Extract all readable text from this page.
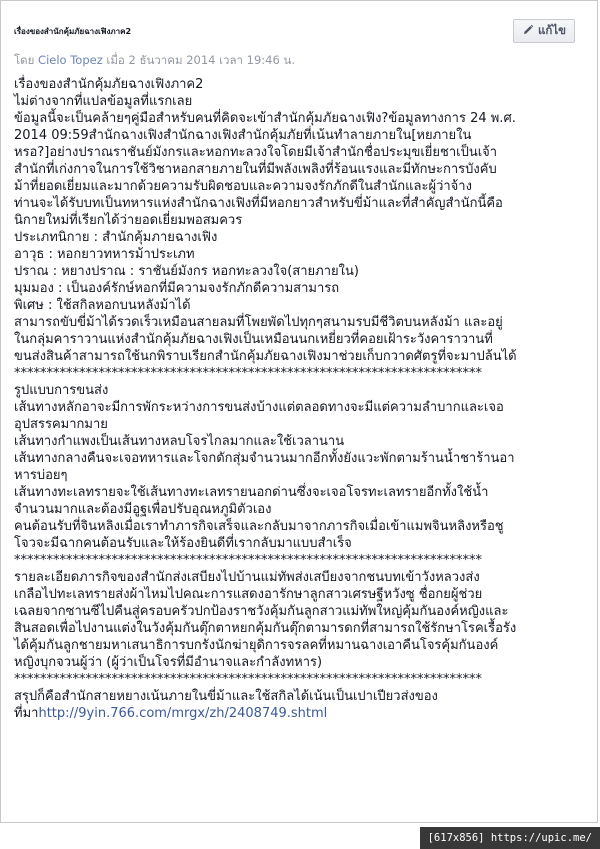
เรื่องของสำนักคุ้มภัยฉางเฟิงภาค2	แก้ไข
โดย Cielo Topez เมื่อ 2 ธันวาคม 2014 เวลา 19:46 น.

เรื่องของสำนักคุ้มภัยฉางเฟิงภาค2

ไม่ต่างจากที่แปลข้อมูลที่แรกเลย

ข้อมูลนี้จะเป็นคล้ายๆคู่มือสำหรับคนที่คิดจะเข้าสำนักคุ้มภัยฉางเฟิง?ข้อมูลทางการ 24 พ.ศ.

2014 09:59สำนักฉางเฟิงสำนักฉางเฟิงสำนักคุ้มภัยที่เน้นทำลายภายใน[หยภายใน

หรอ?]อย่างปราณราชันย์มังกรและหอกทะลวงใจโดยมีเจ้าสำนักชื่อประมุขเยี่ยชาเป็นเจ้า

สำนักที่เก่งกาจในการใช้วิชาหอกสายภายในที่มีพลังเพลิงที่ร้อนแรงและมีทักษะการบังคับ

ม้าที่ยอดเยี่ยมและมากด้วยความรับผิดชอบและความจงรักภักดีในสำนักและผู้ว่าจ้าง

ท่านจะได้รับบทเป็นทหารแห่งสำนักฉางเฟิงที่มีหอกยาวสำหรับขี่ม้าและที่สำคัญสำนักนี้คือ

นิกายใหม่ที่เรียกได้ว่ายอดเยี่ยมพอสมควร

ประเภทนิกาย : สำนักคุ้มภายฉางเฟิง

อาวุธ : หอกยาวทหารม้าประเภท

ปราณ : หยางปราณ : ราชันย์มังกร หอกทะลวงใจ(สายภายใน)

มุมมอง : เป็นองค์รักษ์หอกที่มีความจงรักภักดีความสามารถ

พิเศษ : ใช้สกิลหอกบนหลังม้าได้

สามารถขับขี่ม้าได้รวดเร็วเหมือนสายลมที่โพยพัดไปทุกๆสนามรบมีชีวิตบนหลังม้า และอยู่

ในกลุ่มคาราวานแห่งสำนักคุ้มภัยฉางเฟิงเป็นเหมือนนกเหยี่ยวที่คอยเฝ้าระวังคาราวานที่

ขนส่งสินค้าสามารถใช้นกพิราบเรียกสำนักคุ้มภัยฉางเฟิงมาช่วยเก็บกวาดศัตรูที่จะมาปล้นได้

************************************************************************

รูปแบบการขนส่ง

เส้นทางหลักอาจะมีการพักระหว่างการขนส่งบ้างแต่ตลอดทางจะมีแต่ความลำบากและเจอ

อุปสรรคมากมาย

เส้นทางกำแพงเป็นเส้นทางหลบโจรไกลมากและใช้เวลานาน

เส้นทางกลางคืนจะเจอทหารและโจกดักสุ่มจำนวนมากอีกทั้งยังแวะพักตามร้านน้ำชาร้านอา

หารบ่อยๆ

เส้นทางทะเลทรายจะใช้เส้นทางทะเลทรายนอกด่านซึ่งจะเจอโจรทะเลทรายอีกทั้งใช้น้ำ

จำนวนมากและต้องมีอูฐเพื่อปรับอุณหภูมิตัวเอง

คนต้อนรับที่จินหลิงเมื่อเราทำภารกิจเสร็จและกลับมาจากภารกิจเมื่อเข้าแมพจินหลิงหรือชู

โจวจะมีฉากคนต้อนรับและให้ร้องยินดีที่เรากลับมาแบบสำเร็จ

************************************************************************

รายละเอียดภารกิจของสำนักส่งเสบียงไปบ้านแม่ทัพส่งเสบียงจากชนบทเข้าวังหลวงส่ง

เกลือไปทะเลทรายส่งผ้าไหมไปคณะการแสดงอารักษาลูกสาวเศรษฐีหวังซู ชื่อกยผู้ช่วย

เฉลยจากซานซีไปคืนสู่ครอบครัวปกป้องราชวังคุ้มกันลูกสาวแม่ทัพใหญ่คุ้มกันองค์หญิงและ

สินสอดเพื่อไปงานแต่งในวังคุ้มกันตุ๊กตาหยกคุ้มกันตุ๊กตามารดกที่สามารถใช้รักษาโรคเรื้อรัง

ได้คุ้มกันลูกชายมหาเสนาธิการบกรังนักฆ่ายุดิการจรลคที่หมานฉางเอาคืนโจรคุ้มกันองค์

หญิงบุกจวนผู้ว่า (ผู้ว่าเป็นโจรที่มีอำนาจและกำลังทหาร)

************************************************************************

สรุปก็คือสำนักสายหยางเน้นภายในขี่ม้าและใช้สกิลได้เน้นเป็นเปาเปียวส่งของ

ที่มาhttp://9yin.766.com/mrgx/zh/2408749.shtml

[617x856]
https://upic.me/
